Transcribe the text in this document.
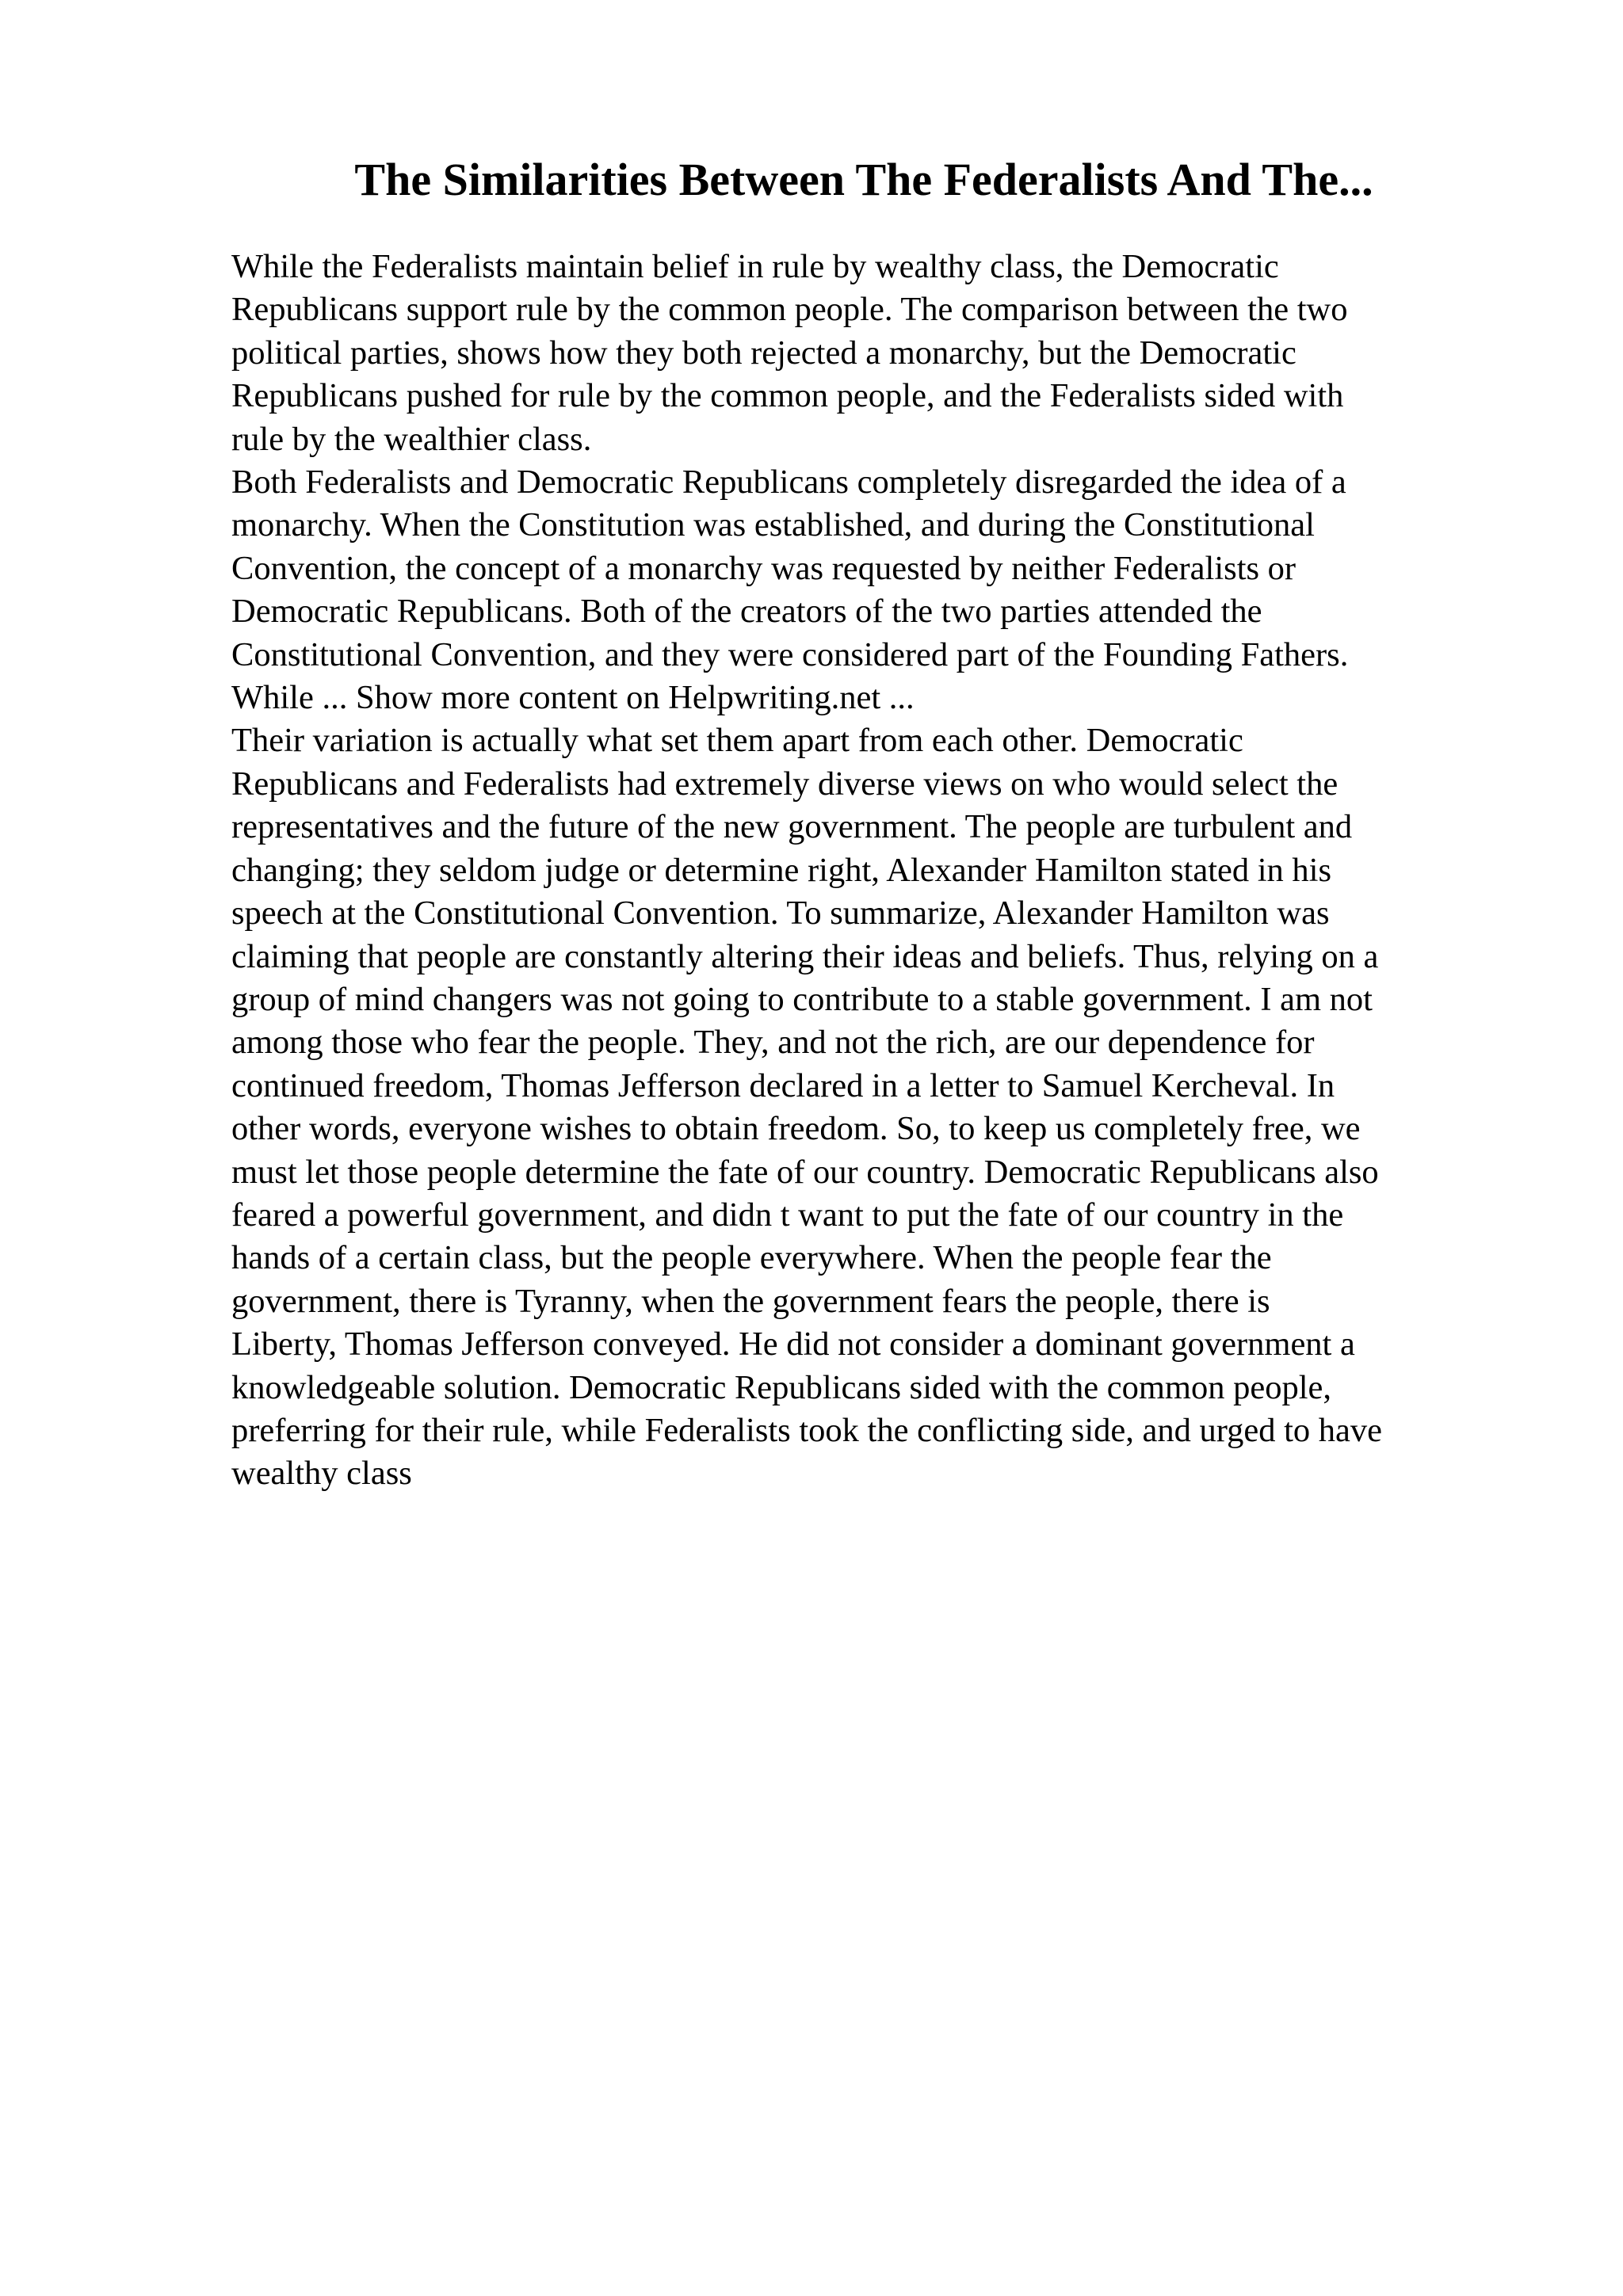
The Similarities Between The Federalists And The...
While the Federalists maintain belief in rule by wealthy class, the Democratic
Republicans support rule by the common people. The comparison between the two
political parties, shows how they both rejected a monarchy, but the Democratic
Republicans pushed for rule by the common people, and the Federalists sided with
rule by the wealthier class.
Both Federalists and Democratic Republicans completely disregarded the idea of a
monarchy. When the Constitution was established, and during the Constitutional
Convention, the concept of a monarchy was requested by neither Federalists or
Democratic Republicans. Both of the creators of the two parties attended the
Constitutional Convention, and they were considered part of the Founding Fathers.
While ... Show more content on Helpwriting.net ...
Their variation is actually what set them apart from each other. Democratic
Republicans and Federalists had extremely diverse views on who would select the
representatives and the future of the new government. The people are turbulent and
changing; they seldom judge or determine right, Alexander Hamilton stated in his
speech at the Constitutional Convention. To summarize, Alexander Hamilton was
claiming that people are constantly altering their ideas and beliefs. Thus, relying on a
group of mind changers was not going to contribute to a stable government. I am not
among those who fear the people. They, and not the rich, are our dependence for
continued freedom, Thomas Jefferson declared in a letter to Samuel Kercheval. In
other words, everyone wishes to obtain freedom. So, to keep us completely free, we
must let those people determine the fate of our country. Democratic Republicans also
feared a powerful government, and didn t want to put the fate of our country in the
hands of a certain class, but the people everywhere. When the people fear the
government, there is Tyranny, when the government fears the people, there is
Liberty, Thomas Jefferson conveyed. He did not consider a dominant government a
knowledgeable solution. Democratic Republicans sided with the common people,
preferring for their rule, while Federalists took the conflicting side, and urged to have
wealthy class
